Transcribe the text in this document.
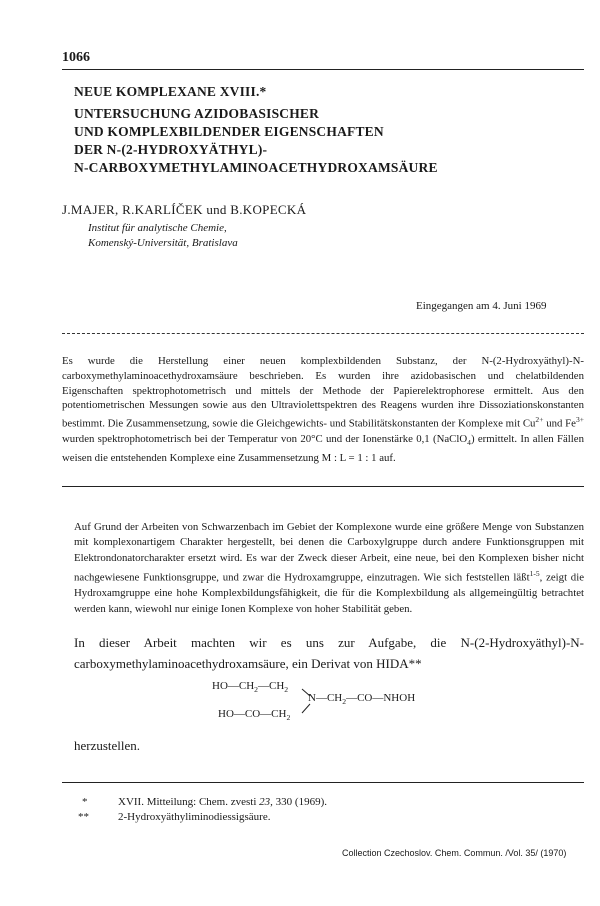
1066
NEUE KOMPLEXANE XVIII.*
UNTERSUCHUNG AZIDOBASISCHER
UND KOMPLEXBILDENDER EIGENSCHAFTEN
DER N-(2-HYDROXYÄTHYL)-
N-CARBOXYMETHYLAMINOACETHYDROXAMSÄURE
J.MAJER, R.KARLÍČEK und B.KOPECKÁ
Institut für analytische Chemie,
Komenský-Universität, Bratislava
Eingegangen am 4. Juni 1969
Es wurde die Herstellung einer neuen komplexbildenden Substanz, der N-(2-Hydroxyäthyl)-N-carboxymethylaminoacethydroxamsäure beschrieben. Es wurden ihre azidobasischen und chelatbildenden Eigenschaften spektrophotometrisch und mittels der Methode der Papierelektrophorese ermittelt. Aus den potentiometrischen Messungen sowie aus den Ultraviolettspektren des Reagens wurden ihre Dissoziationskonstanten bestimmt. Die Zusammensetzung, sowie die Gleichgewichts- und Stabilitätskonstanten der Komplexe mit $Cu^{2+}$ und $Fe^{3+}$ wurden spektrophotometrisch bei der Temperatur von 20°C und der Ionenstärke 0,1 (NaClO$_4$) ermittelt. In allen Fällen weisen die entstehenden Komplexe eine Zusammensetzung M : L = 1 : 1 auf.
Auf Grund der Arbeiten von Schwarzenbach im Gebiet der Komplexone wurde eine größere Menge von Substanzen mit komplexonartigem Charakter hergestellt, bei denen die Carboxylgruppe durch andere Funktionsgruppen mit Elektrondonatorcharakter ersetzt wird. Es war der Zweck dieser Arbeit, eine neue, bei den Komplexen bisher nicht nachgewiesene Funktionsgruppe, und zwar die Hydroxamgruppe, einzutragen. Wie sich feststellen läßt$^{1-5}$, zeigt die Hydroxamgruppe eine hohe Komplexbildungsfähigkeit, die für die Komplexbildung als allgemeingültig betrachtet werden kann, wiewohl nur einige Ionen Komplexe von hoher Stabilität geben.
In dieser Arbeit machten wir es uns zur Aufgabe, die N-(2-Hydroxyäthyl)-N-carboxymethylaminoacethydroxamsäure, ein Derivat von HIDA**
$HO—CH_2—CH_2$
$N—CH_2—CO—NHOH$
$HO—CO—CH_2$
herzustellen.
*	XVII. Mitteilung: Chem. zvesti 23, 330 (1969).
**	2-Hydroxyäthyliminodiessigsäure.
Collection Czechoslov. Chem. Commun. /Vol. 35/ (1970)
